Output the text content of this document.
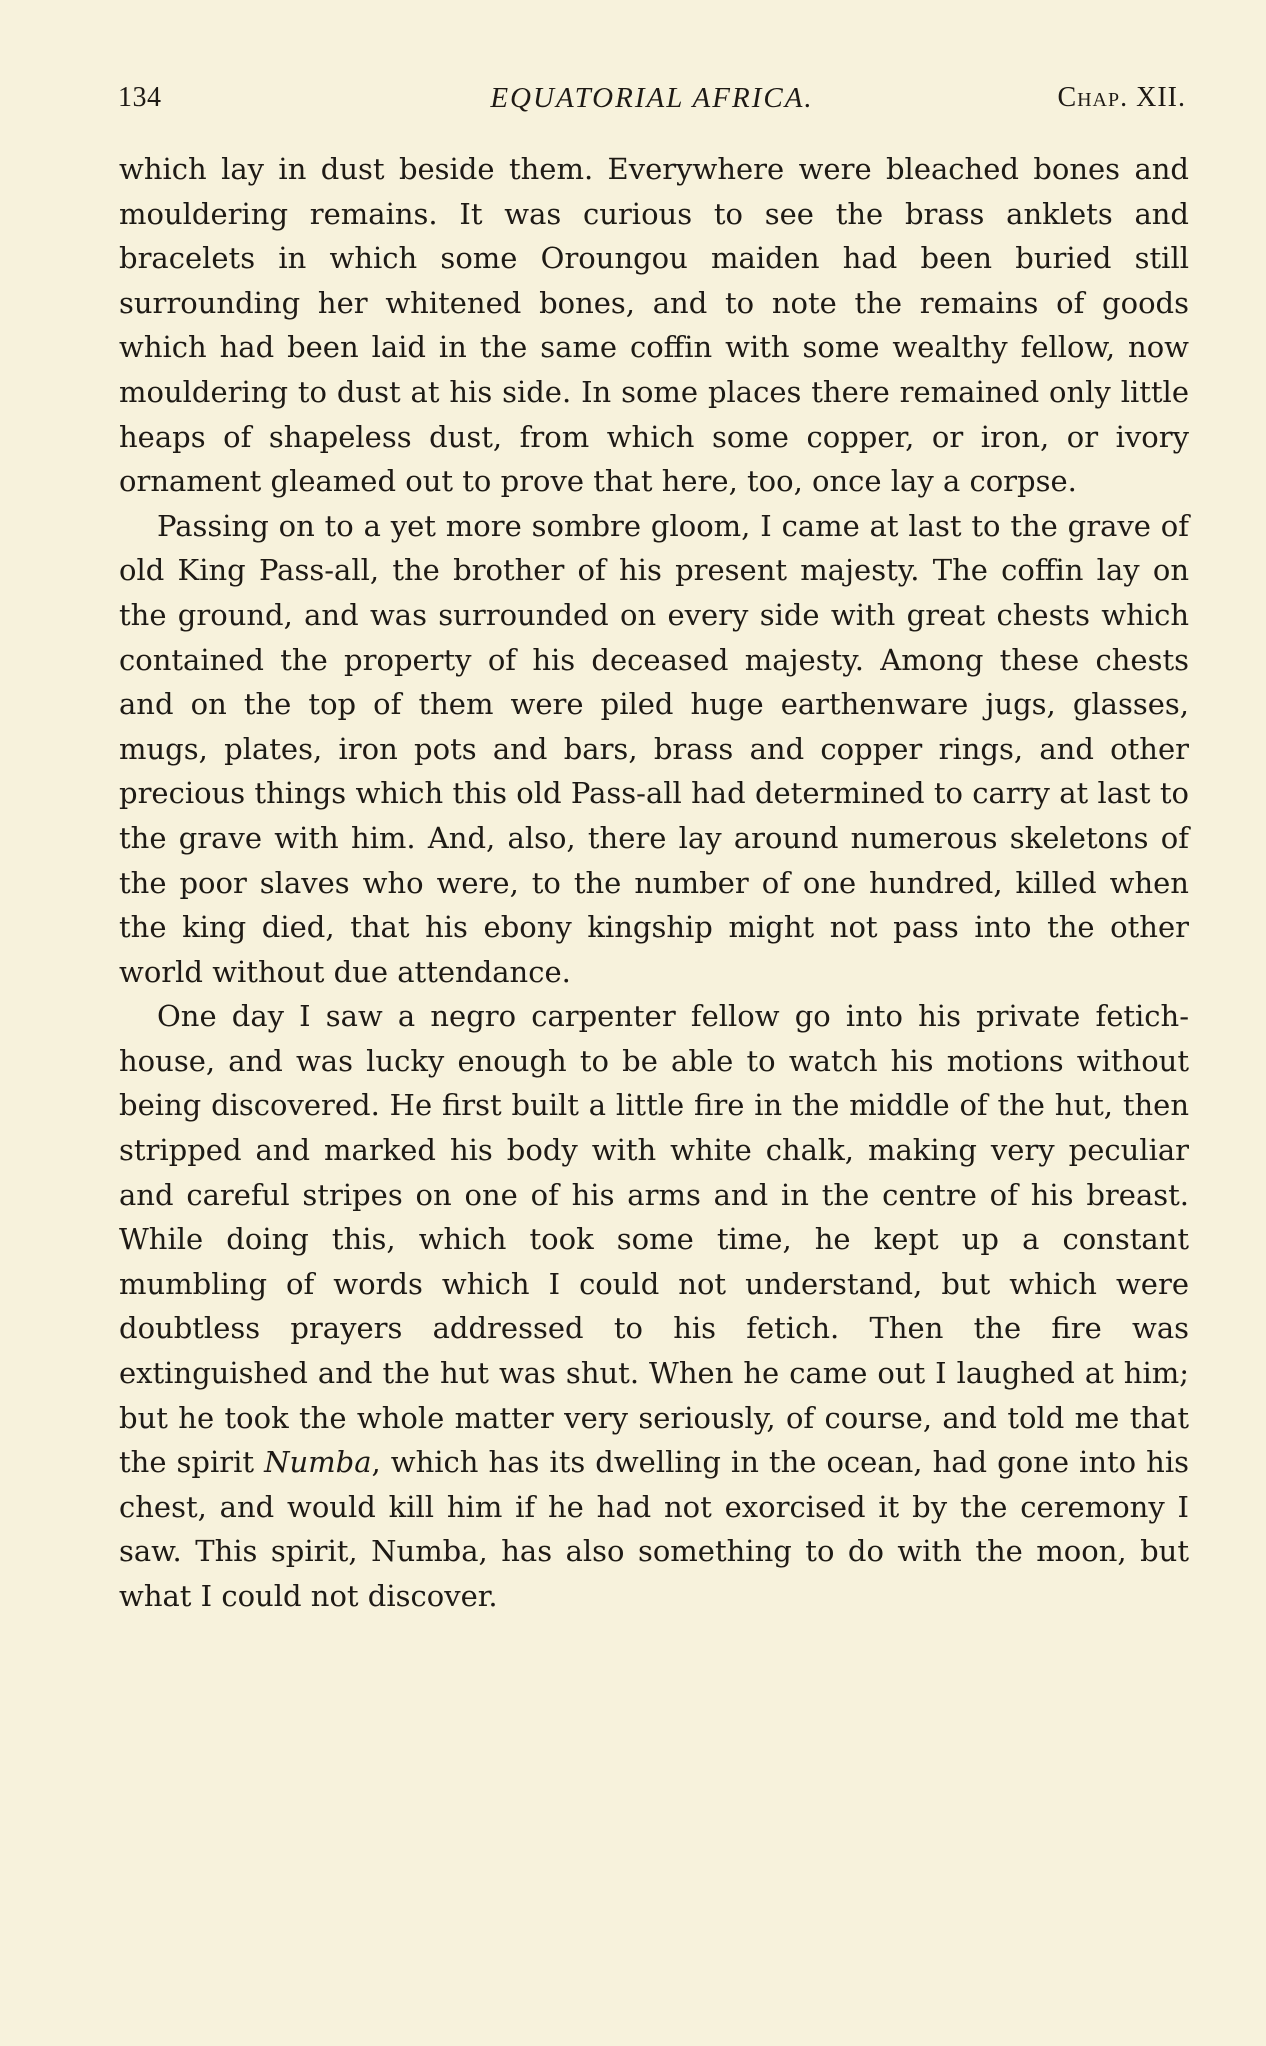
134	EQUATORIAL AFRICA.	Chap. XII.

which lay in dust beside them. Everywhere were bleached bones and mouldering remains. It was curious to see the brass anklets and bracelets in which some Oroungou maiden had been buried still surrounding her whitened bones, and to note the remains of goods which had been laid in the same coffin with some wealthy fellow, now mouldering to dust at his side. In some places there remained only little heaps of shapeless dust, from which some copper, or iron, or ivory ornament gleamed out to prove that here, too, once lay a corpse.

Passing on to a yet more sombre gloom, I came at last to the grave of old King Pass-all, the brother of his present majesty. The coffin lay on the ground, and was surrounded on every side with great chests which contained the property of his deceased majesty. Among these chests and on the top of them were piled huge earthenware jugs, glasses, mugs, plates, iron pots and bars, brass and copper rings, and other precious things which this old Pass-all had determined to carry at last to the grave with him. And, also, there lay around numerous skeletons of the poor slaves who were, to the number of one hundred, killed when the king died, that his ebony kingship might not pass into the other world without due attendance.

One day I saw a negro carpenter fellow go into his private fetich-house, and was lucky enough to be able to watch his motions without being discovered. He first built a little fire in the middle of the hut, then stripped and marked his body with white chalk, making very peculiar and careful stripes on one of his arms and in the centre of his breast. While doing this, which took some time, he kept up a constant mumbling of words which I could not understand, but which were doubtless prayers addressed to his fetich. Then the fire was extinguished and the hut was shut. When he came out I laughed at him; but he took the whole matter very seriously, of course, and told me that the spirit Numba, which has its dwelling in the ocean, had gone into his chest, and would kill him if he had not exorcised it by the ceremony I saw. This spirit, Numba, has also something to do with the moon, but what I could not discover.
